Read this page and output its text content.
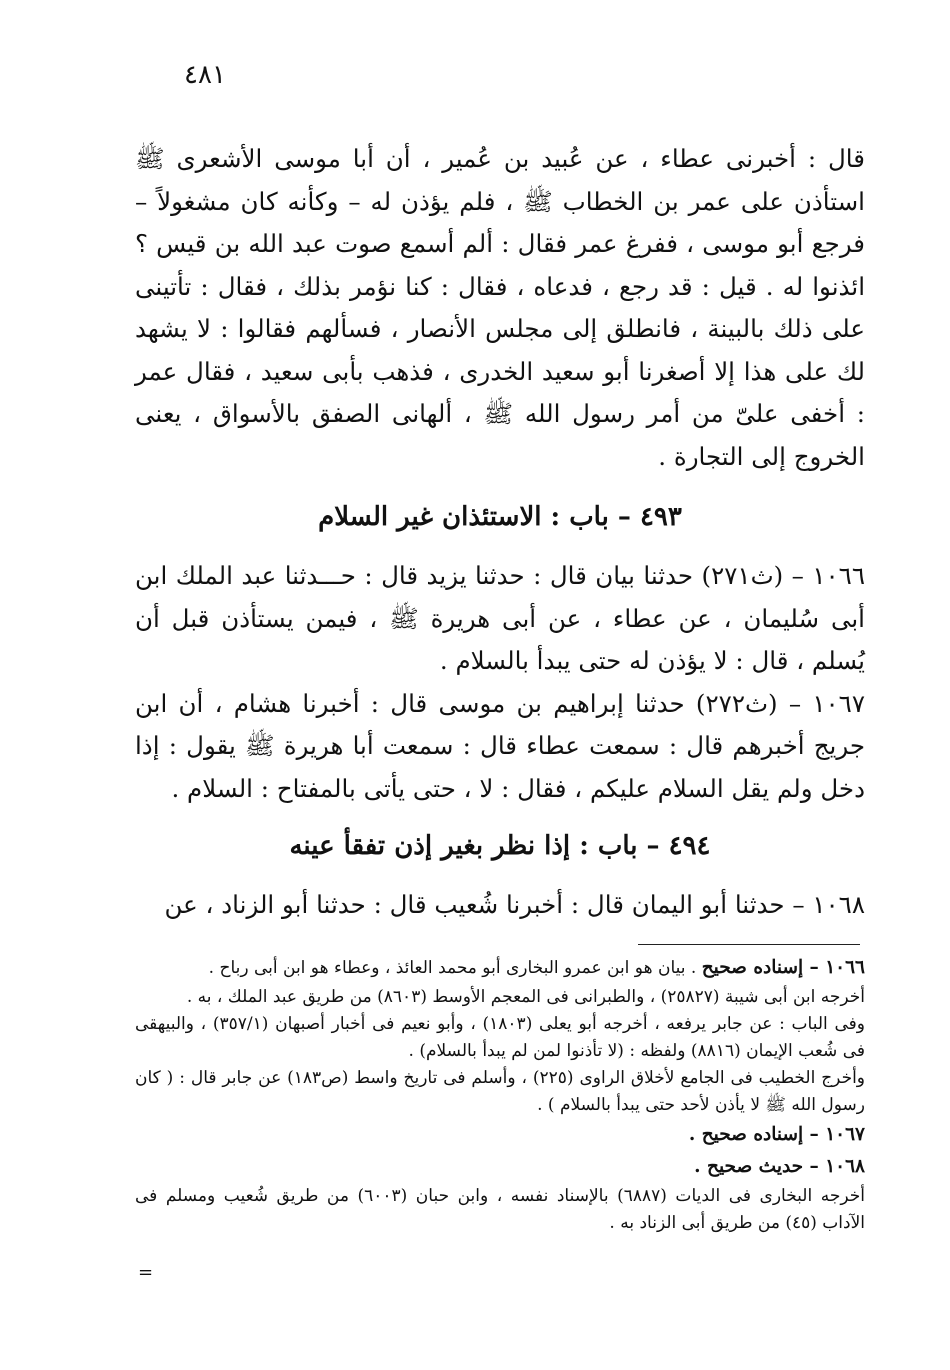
٤٨١

قال : أخبرنى عطاء ، عن عُبيد بن عُمير ، أن أبا موسى الأشعرى ﷺ استأذن على عمر بن الخطاب ﷺ ، فلم يؤذن له – وكأنه كان مشغولاً – فرجع أبو موسى ، ففرغ عمر فقال : ألم أسمع صوت عبد الله بن قيس ؟ ائذنوا له . قيل : قد رجع ، فدعاه ، فقال : كنا نؤمر بذلك ، فقال : تأتينى على ذلك بالبينة ، فانطلق إلى مجلس الأنصار ، فسألهم فقالوا : لا يشهد لك على هذا إلا أصغرنا أبو سعيد الخدرى ، فذهب بأبى سعيد ، فقال عمر : أخفى علىّ من أمر رسول الله ﷺ ، ألهانى الصفق بالأسواق ، يعنى الخروج إلى التجارة .

٤٩٣ – باب : الاستئذان غير السلام

١٠٦٦ – (ث٢٧١) حدثنا بيان قال : حدثنا يزيد قال : حـــدثنا عبد الملك ابن أبى سُليمان ، عن عطاء ، عن أبى هريرة ﷺ ، فيمن يستأذن قبل أن يُسلم ، قال : لا يؤذن له حتى يبدأ بالسلام .

١٠٦٧ – (ث٢٧٢) حدثنا إبراهيم بن موسى قال : أخبرنا هشام ، أن ابن جريج أخبرهم قال : سمعت عطاء قال : سمعت أبا هريرة ﷺ يقول : إذا دخل ولم يقل السلام عليكم ، فقال : لا ، حتى يأتى بالمفتاح : السلام .

٤٩٤ – باب : إذا نظر بغير إذن تفقأ عينه

١٠٦٨ – حدثنا أبو اليمان قال : أخبرنا شُعيب قال : حدثنا أبو الزناد ، عن

١٠٦٦ – إسناده صحيح . بيان هو ابن عمرو البخارى أبو محمد العائذ ، وعطاء هو ابن أبى رباح .

أخرجه ابن أبى شيبة (٢٥٨٢٧) ، والطبرانى فى المعجم الأوسط (٨٦٠٣) من طريق عبد الملك ، به .

وفى الباب : عن جابر يرفعه ، أخرجه أبو يعلى (١٨٠٣) ، وأبو نعيم فى أخبار أصبهان (٣٥٧/١) ، والبيهقى فى شُعب الإيمان (٨٨١٦) ولفظه : (لا تأذنوا لمن لم يبدأ بالسلام) .

وأخرج الخطيب فى الجامع لأخلاق الراوى (٢٢٥) ، وأسلم فى تاريخ واسط (ص١٨٣) عن جابر قال : ( كان رسول الله ﷺ لا يأذن لأحد حتى يبدأ بالسلام ) .

١٠٦٧ – إسناده صحيح .

١٠٦٨ – حديث صحيح .

أخرجه البخارى فى الديات (٦٨٨٧) بالإسناد نفسه ، وابن حبان (٦٠٠٣) من طريق شُعيب ومسلم فى الآداب (٤٥) من طريق أبى الزناد به .

=
